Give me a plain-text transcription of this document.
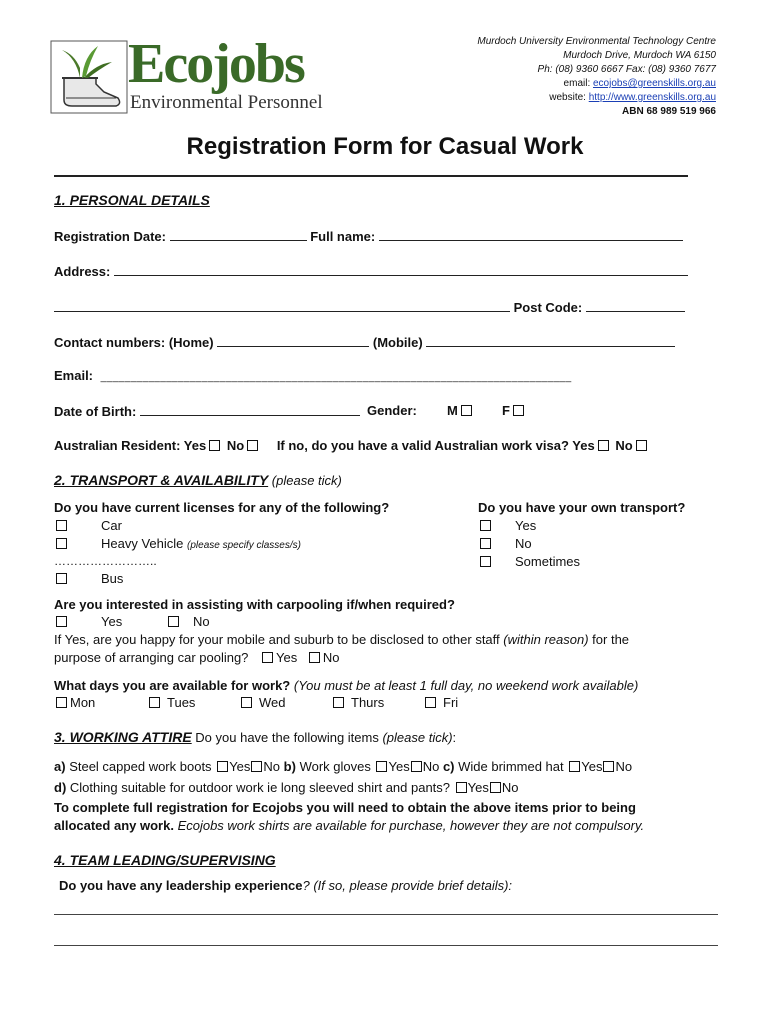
Ecojobs
Environmental Personnel
Murdoch University Environmental Technology Centre
Murdoch Drive, Murdoch WA 6150
Ph: (08) 9360 6667 Fax: (08) 9360 7677
email: ecojobs@greenskills.org.au
website: http://www.greenskills.org.au
ABN 68 989 519 966
Registration Form for Casual Work
1. PERSONAL DETAILS
Registration Date:	Full name:
Address:
Post Code:
Contact numbers: (Home)	(Mobile)
Email: _______________________________________________________________________________
Date of Birth:	Gender: M	F
Australian Resident: Yes No	If no, do you have a valid Australian work visa? Yes No
2. TRANSPORT & AVAILABILITY (please tick)
Do you have current licenses for any of the following?
Car
Heavy Vehicle (please specify classes/s)
……………………..
Bus
Do you have your own transport?
Yes
No
Sometimes
Are you interested in assisting with carpooling if/when required?
Yes	No
If Yes, are you happy for your mobile and suburb to be disclosed to other staff (within reason) for the
purpose of arranging car pooling? Yes No
What days you are available for work? (You must be at least 1 full day, no weekend work available)
Mon	Tues	Wed	Thurs	Fri
3. WORKING ATTIRE Do you have the following items (please tick):
a) Steel capped work boots Yes No b) Work gloves Yes No c) Wide brimmed hat Yes No
d) Clothing suitable for outdoor work ie long sleeved shirt and pants? Yes No
To complete full registration for Ecojobs you will need to obtain the above items prior to being
allocated any work. Ecojobs work shirts are available for purchase, however they are not compulsory.
4. TEAM LEADING/SUPERVISING
Do you have any leadership experience? (If so, please provide brief details):
